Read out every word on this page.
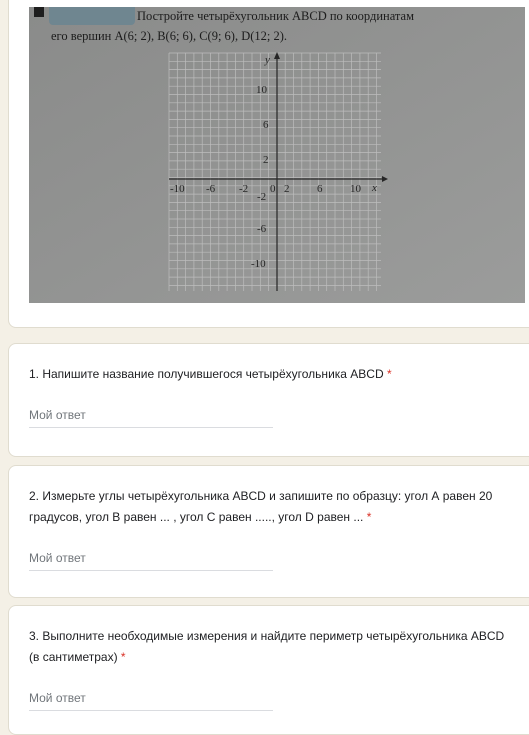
Постройте четырёхугольник ABCD по координатам
его вершин A(6; 2), B(6; 6), C(9; 6), D(12; 2).
y
x
10
6
2
-2
-6
-10
-10 -6 -2 0 2	6	10
1. Напишите название получившегося четырёхугольника ABCD *
Мой ответ
2. Измерьте углы четырёхугольника ABCD и запишите по образцу: угол А равен 20 градусов, угол В равен ... , угол С равен ....., угол D равен ... *
Мой ответ
3. Выполните необходимые измерения и найдите периметр четырёхугольника ABCD (в сантиметрах) *
Мой ответ
